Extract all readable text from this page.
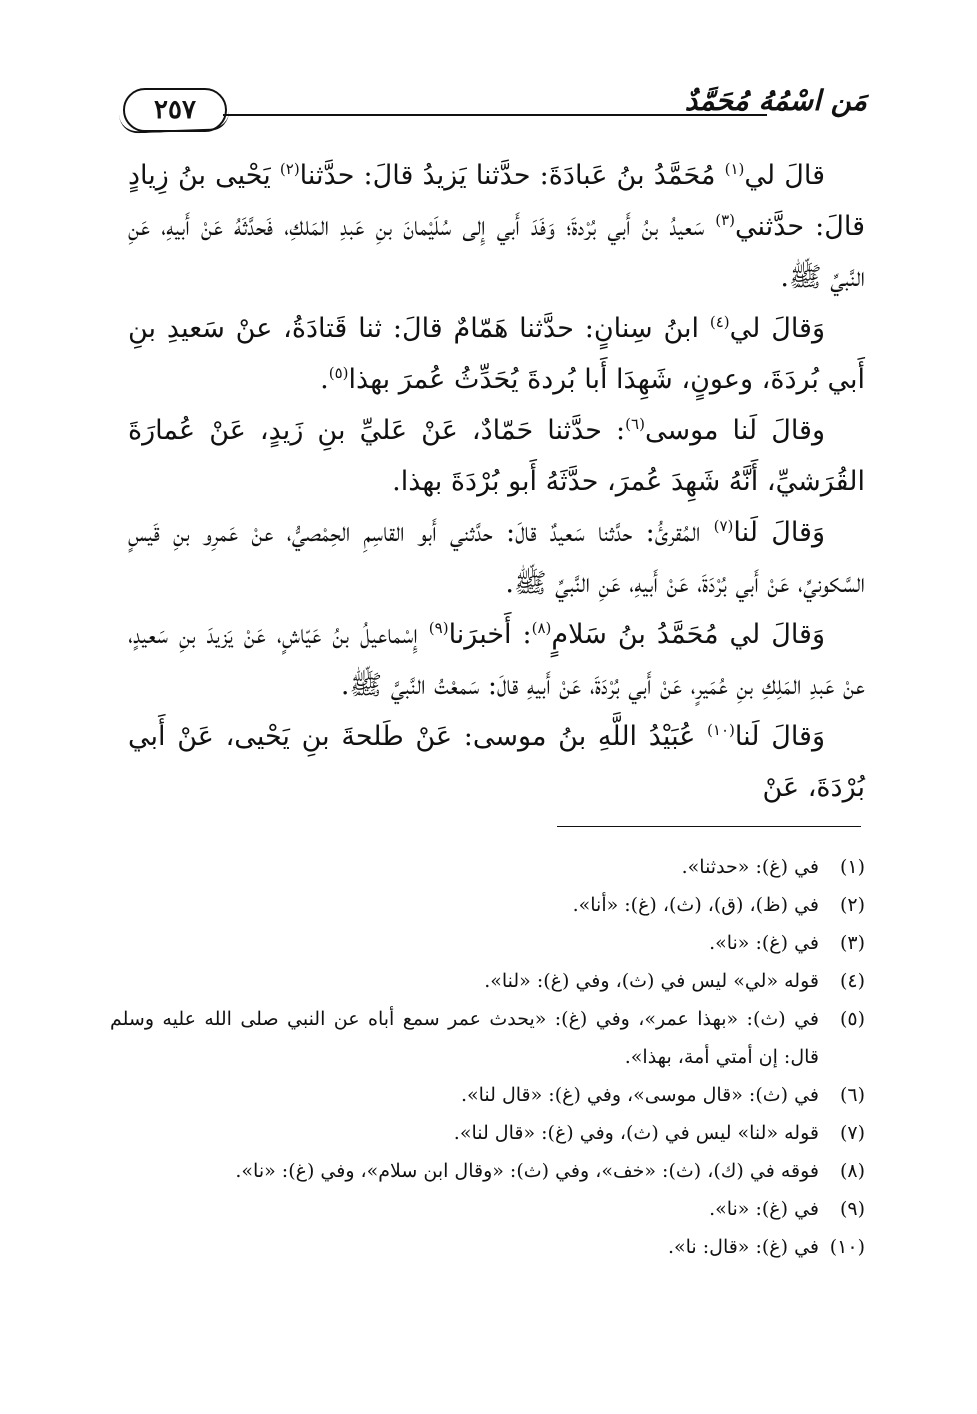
٢٥٧	مَن اسْمُهُ مُحَمَّدٌ

قالَ لي$^{(١)}$ مُحَمَّدُ بنُ عَبادَةَ: حدَّثنا يَزيدُ قالَ: حدَّثنا$^{(٢)}$ يَحْيى بنُ زِيادٍ قالَ: حدَّثني$^{(٣)}$ سَعيدُ بنُ أَبي بُرْدةَ؛ وَفَدَ أَبي إِلى سُلَيْمانَ بنِ عَبدِ المَلكِ، فَحدَّثَهُ عَنْ أَبيهِ، عَنِ النَّبيِّ ﷺ.

وَقالَ لي$^{(٤)}$ ابنُ سِنانٍ: حدَّثنا هَمّامٌ قالَ: ثنا قَتادَةُ، عنْ سَعيدِ بنِ أَبي بُردَةَ، وعونٍ، شَهِدَا أَبا بُردةَ يُحَدِّثُ عُمرَ بهذا$^{(٥)}$.

وقالَ لَنا موسى$^{(٦)}$: حدَّثنا حَمّادٌ، عَنْ عَليِّ بنِ زَيدٍ، عَنْ عُمارَةَ القُرَشيِّ، أَنَّهُ شَهِدَ عُمرَ، حدَّثَهُ أَبو بُرْدَةَ بهذا.

وَقالَ لَنا$^{(٧)}$ المُقرئُ: حدَّثنا سَعيدٌ قالَ: حدَّثني أَبو القاسِمِ الحِمْصيُّ، عنْ عَمرِو بنِ قَيسٍ السَّكونيِّ، عَنْ أَبي بُرْدَةَ، عَنْ أَبيهِ، عَنِ النَّبيِّ ﷺ.

وَقالَ لي مُحَمَّدُ بنُ سَلامٍ$^{(٨)}$: أَخبرَنا$^{(٩)}$ إِسْماعيلُ بنُ عَيّاشٍ، عَنْ يَزيدَ بنِ سَعيدٍ، عنْ عَبدِ المَلِكِ بنِ عُمَيرٍ، عَنْ أَبي بُرْدَةَ، عَنْ أَبيهِ قالَ: سَمعْتُ النَّبيَّ ﷺ.

وَقالَ لَنا$^{(١٠)}$ عُبَيْدُ اللَّهِ بنُ موسى: عَنْ طَلحةَ بنِ يَحْيى، عَنْ أَبي بُرْدَةَ، عَنْ

(١)
في (غ): «حدثنا».

(٢)
في (ظ)، (ق)، (ث)، (غ): «أنا».

(٣)
في (غ): «نا».

(٤)
قوله «لي» ليس في (ث)، وفي (غ): «لنا».

(٥)
في (ث): «بهذا عمر»، وفي (غ): «يحدث عمر سمع أباه عن النبي صلى الله عليه وسلم قال: إن أمتي أمة، بهذا».

(٦)
في (ث): «قال موسى»، وفي (غ): «قال لنا».

(٧)
قوله «لنا» ليس في (ث)، وفي (غ): «قال لنا».

(٨)
فوقه في (ك)، (ث): «خف»، وفي (ث): «وقال ابن سلام»، وفي (غ): «نا».

(٩)
في (غ): «نا».

(١٠)
في (غ): «قال: نا».
